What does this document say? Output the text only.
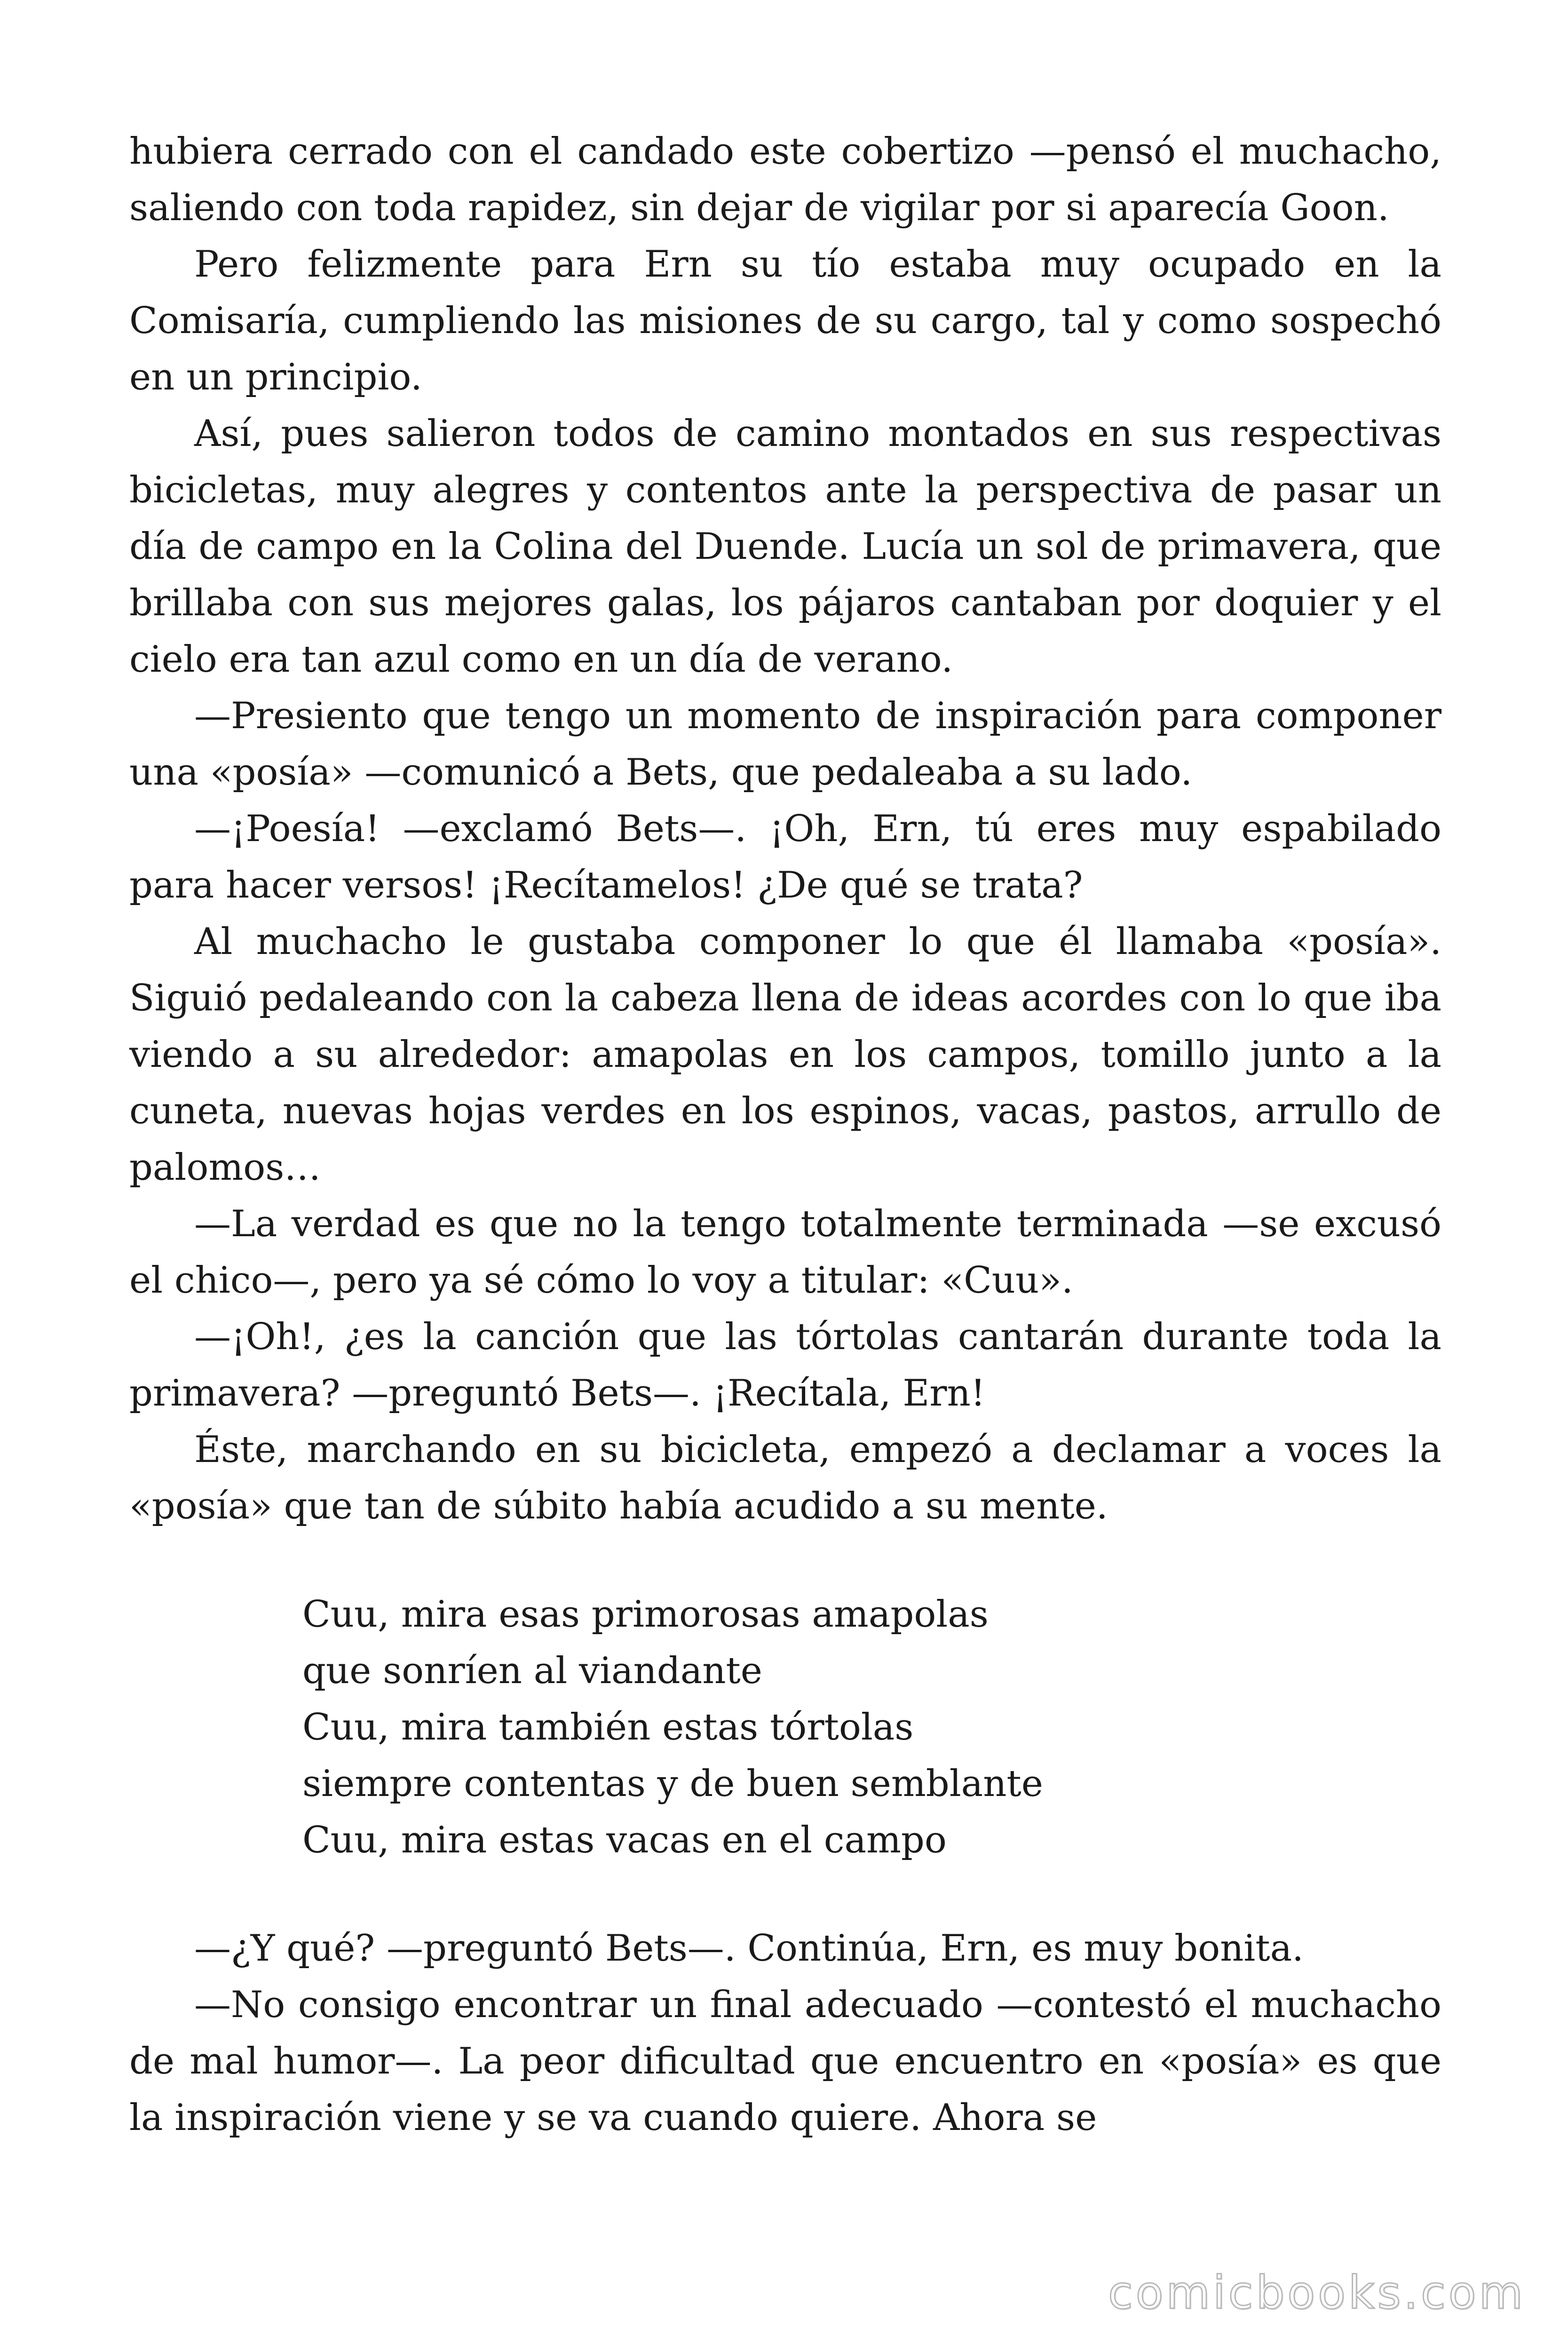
hubiera cerrado con el candado este cobertizo —pensó el muchacho, saliendo con toda rapidez, sin dejar de vigilar por si aparecía Goon.

Pero felizmente para Ern su tío estaba muy ocupado en la Comisaría, cumpliendo las misiones de su cargo, tal y como sospechó en un principio.

Así, pues salieron todos de camino montados en sus respectivas bicicletas, muy alegres y contentos ante la perspectiva de pasar un día de campo en la Colina del Duende. Lucía un sol de primavera, que brillaba con sus mejores galas, los pájaros cantaban por doquier y el cielo era tan azul como en un día de verano.

—Presiento que tengo un momento de inspiración para componer una «posía» —comunicó a Bets, que pedaleaba a su lado.

—¡Poesía! —exclamó Bets—. ¡Oh, Ern, tú eres muy espabilado para hacer versos! ¡Recítamelos! ¿De qué se trata?

Al muchacho le gustaba componer lo que él llamaba «posía». Siguió pedaleando con la cabeza llena de ideas acordes con lo que iba viendo a su alrededor: amapolas en los campos, tomillo junto a la cuneta, nuevas hojas verdes en los espinos, vacas, pastos, arrullo de palomos…

—La verdad es que no la tengo totalmente terminada —se excusó el chico—, pero ya sé cómo lo voy a titular: «Cuu».

—¡Oh!, ¿es la canción que las tórtolas cantarán durante toda la primavera? —preguntó Bets—. ¡Recítala, Ern!

Éste, marchando en su bicicleta, empezó a declamar a voces la «posía» que tan de súbito había acudido a su mente.

Cuu, mira esas primorosas amapolas
que sonríen al viandante
Cuu, mira también estas tórtolas
siempre contentas y de buen semblante
Cuu, mira estas vacas en el campo

—¿Y qué? —preguntó Bets—. Continúa, Ern, es muy bonita.

—No consigo encontrar un final adecuado —contestó el muchacho de mal humor—. La peor dificultad que encuentro en «posía» es que la inspiración viene y se va cuando quiere. Ahora se

comicbooks.com
